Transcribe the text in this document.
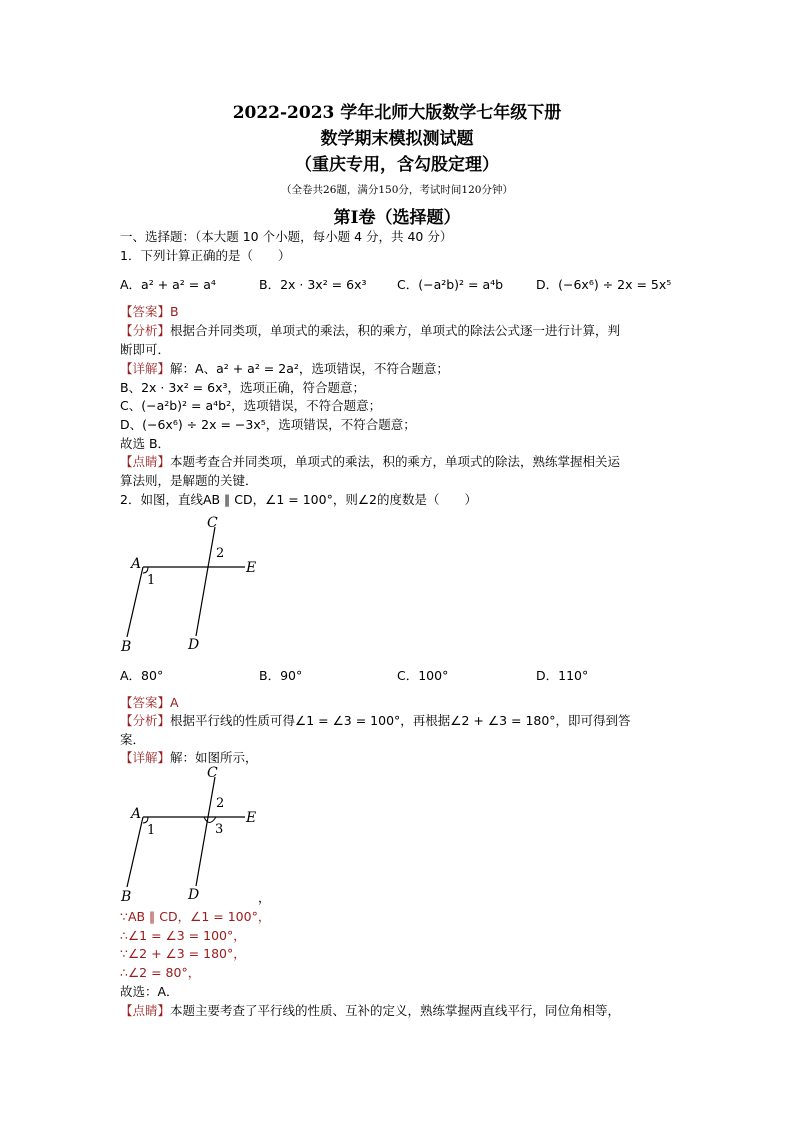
2022-2023 学年北师大版数学七年级下册
数学期末模拟测试题
（重庆专用，含勾股定理）
（全卷共26题，满分150分，考试时间120分钟）
第Ⅰ卷（选择题）
一、选择题：（本大题 10 个小题，每小题 4 分，共 40 分）
1．下列计算正确的是（　　）
A．a² + a² = a⁴	B．2x · 3x² = 6x³ C．(−a²b)² = a⁴b	D．(−6x⁶) ÷ 2x = 5x⁵
【答案】B
【分析】根据合并同类项，单项式的乘法，积的乘方，单项式的除法公式逐一进行计算，判
断即可．
【详解】解：A、a² + a² = 2a²，选项错误，不符合题意；
B、2x · 3x² = 6x³，选项正确，符合题意；
C、(−a²b)² = a⁴b²，选项错误，不符合题意；
D、(−6x⁶) ÷ 2x = −3x⁵，选项错误，不符合题意；
故选 B．
【点睛】本题考查合并同类项，单项式的乘法，积的乘方，单项式的除法，熟练掌握相关运
算法则，是解题的关键．
2．如图，直线AB ∥ CD，∠1 = 100°，则∠2的度数是（　　）
A
B
C
D
E
1
2
A．80°	B．90°	C．100°	D．110°
【答案】A
【分析】根据平行线的性质可得∠1 = ∠3 = 100°，再根据∠2 + ∠3 = 180°，即可得到答
案．
【详解】解：如图所示，
A
B
C
D
E
1
2
3
，
∵AB ∥ CD，∠1 = 100°，
∴∠1 = ∠3 = 100°，
∵∠2 + ∠3 = 180°，
∴∠2 = 80°，
故选：A．
【点睛】本题主要考查了平行线的性质、互补的定义，熟练掌握两直线平行，同位角相等，
